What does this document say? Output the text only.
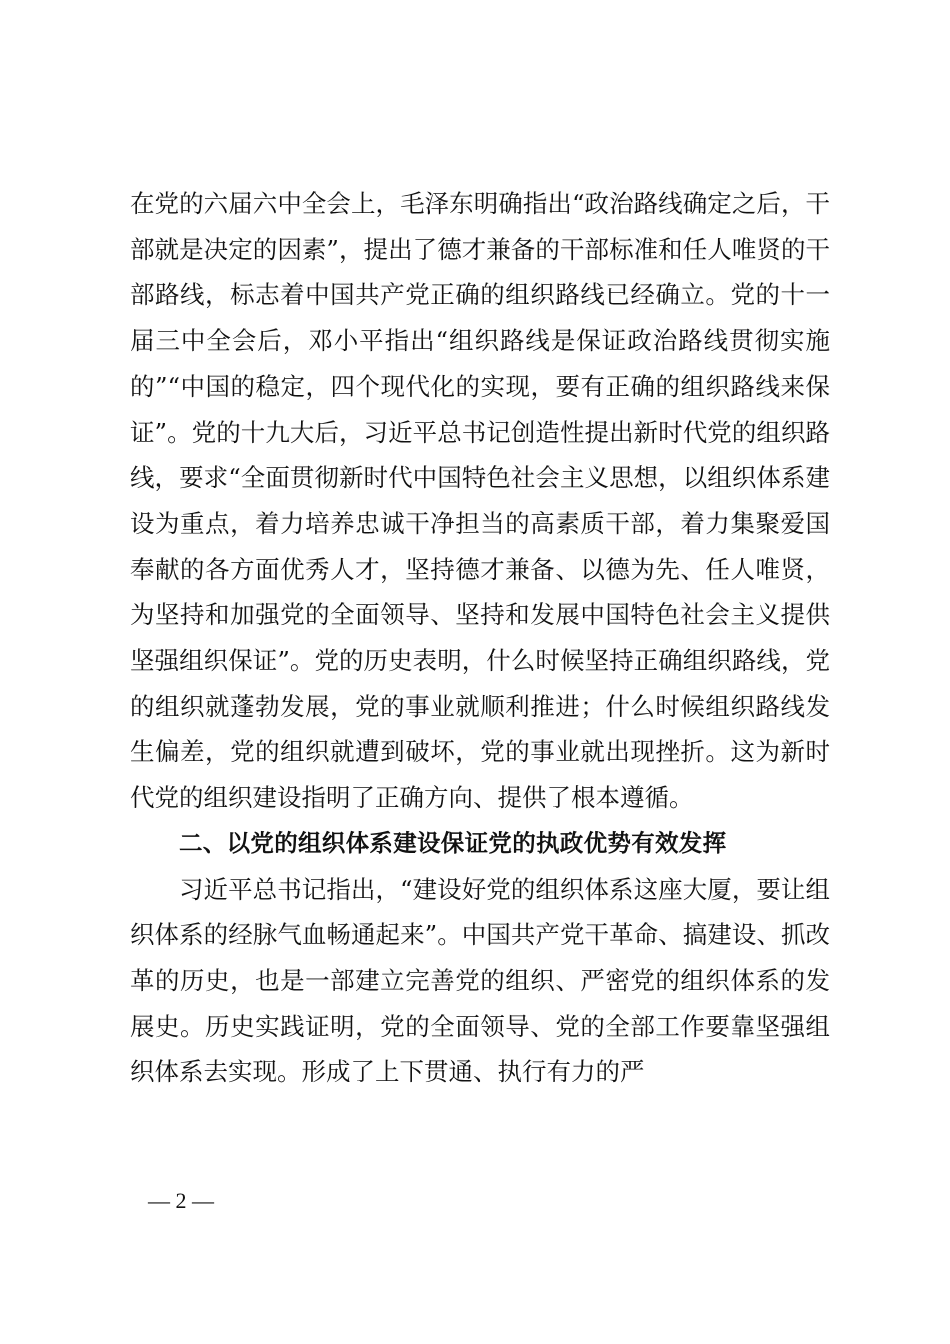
在党的六届六中全会上，毛泽东明确指出“政治路线确定之后，干部就是决定的因素”，提出了德才兼备的干部标准和任人唯贤的干部路线，标志着中国共产党正确的组织路线已经确立。党的十一届三中全会后，邓小平指出“组织路线是保证政治路线贯彻实施的”“中国的稳定，四个现代化的实现，要有正确的组织路线来保证”。党的十九大后，习近平总书记创造性提出新时代党的组织路线，要求“全面贯彻新时代中国特色社会主义思想，以组织体系建设为重点，着力培养忠诚干净担当的高素质干部，着力集聚爱国奉献的各方面优秀人才，坚持德才兼备、以德为先、任人唯贤，为坚持和加强党的全面领导、坚持和发展中国特色社会主义提供坚强组织保证”。党的历史表明，什么时候坚持正确组织路线，党的组织就蓬勃发展，党的事业就顺利推进；什么时候组织路线发生偏差，党的组织就遭到破坏，党的事业就出现挫折。这为新时代党的组织建设指明了正确方向、提供了根本遵循。

二、以党的组织体系建设保证党的执政优势有效发挥

习近平总书记指出，“建设好党的组织体系这座大厦，要让组织体系的经脉气血畅通起来”。中国共产党干革命、搞建设、抓改革的历史，也是一部建立完善党的组织、严密党的组织体系的发展史。历史实践证明，党的全面领导、党的全部工作要靠坚强组织体系去实现。形成了上下贯通、执行有力的严

— 2 —
